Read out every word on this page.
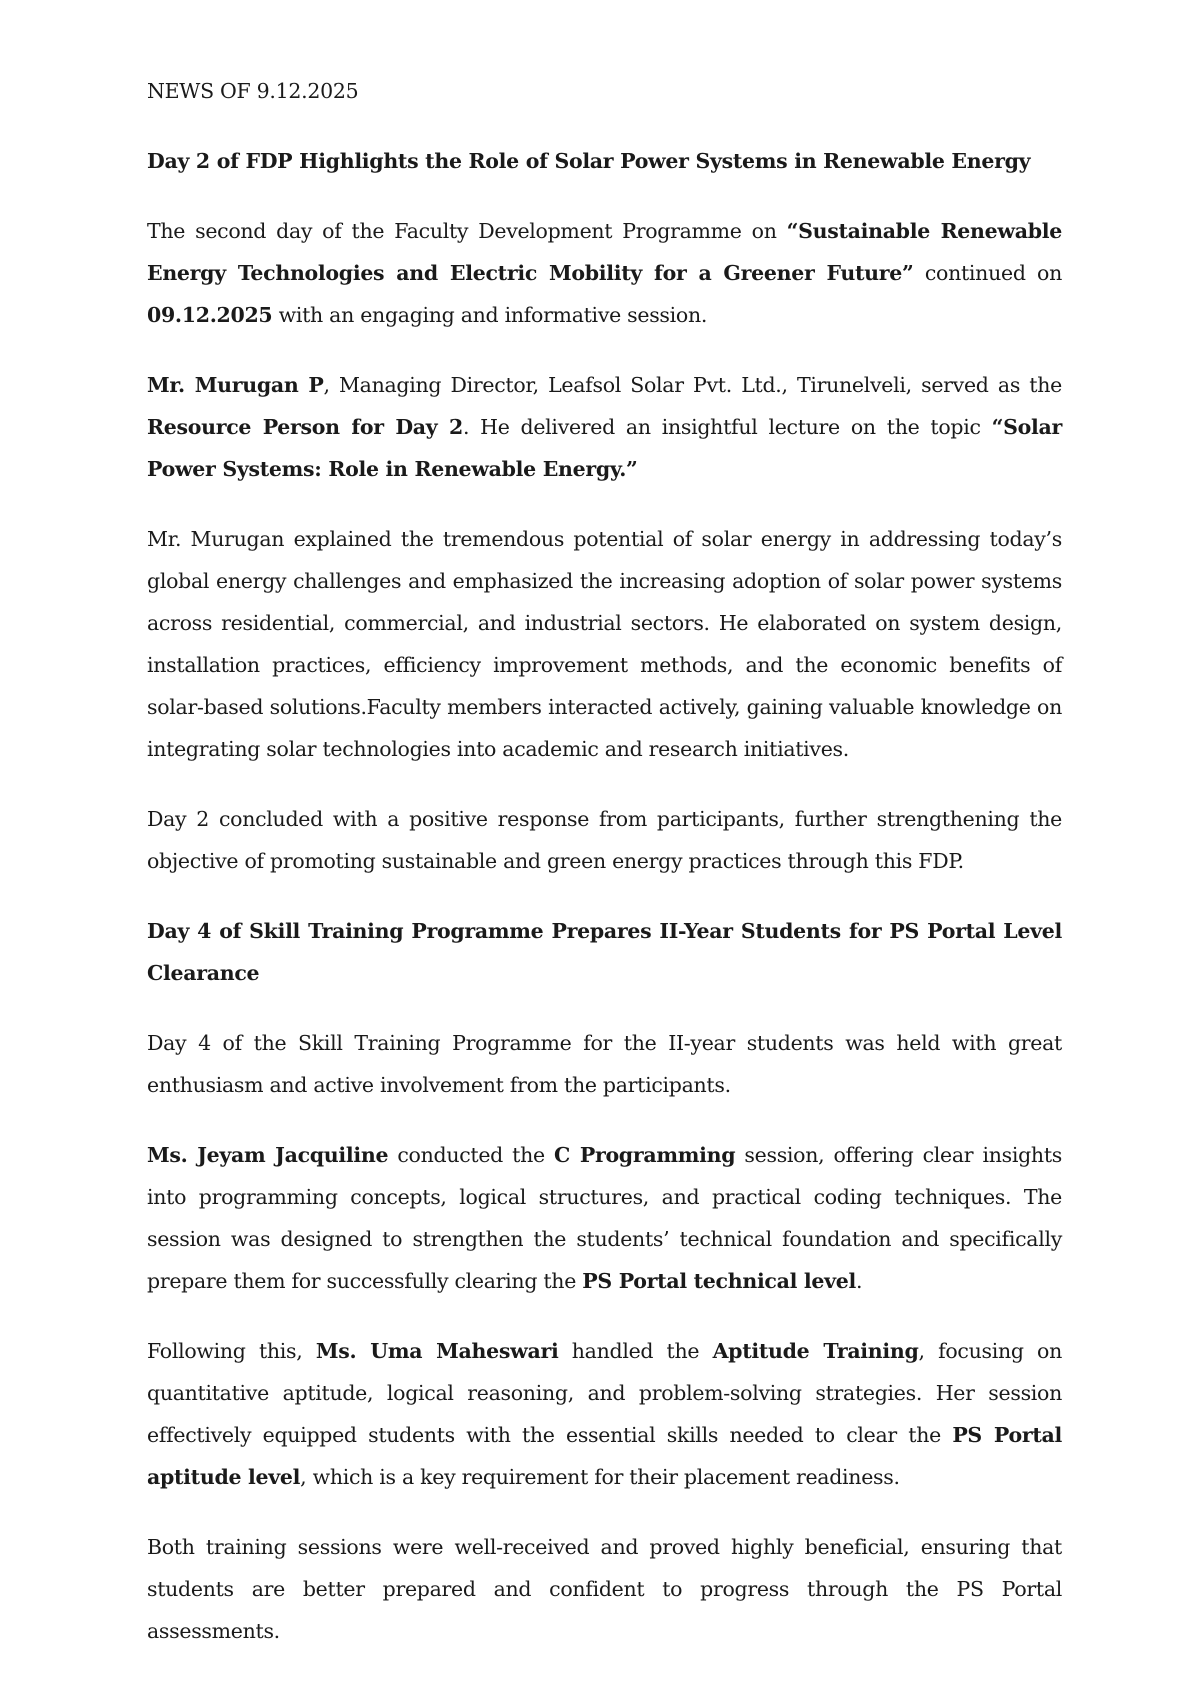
NEWS OF 9.12.2025

Day 2 of FDP Highlights the Role of Solar Power Systems in Renewable Energy

The second day of the Faculty Development Programme on “Sustainable Renewable Energy Technologies and Electric Mobility for a Greener Future” continued on 09.12.2025 with an engaging and informative session.

Mr. Murugan P, Managing Director, Leafsol Solar Pvt. Ltd., Tirunelveli, served as the Resource Person for Day 2. He delivered an insightful lecture on the topic “Solar Power Systems: Role in Renewable Energy.”

Mr. Murugan explained the tremendous potential of solar energy in addressing today’s global energy challenges and emphasized the increasing adoption of solar power systems across residential, commercial, and industrial sectors. He elaborated on system design, installation practices, efficiency improvement methods, and the economic benefits of solar-based solutions.Faculty members interacted actively, gaining valuable knowledge on integrating solar technologies into academic and research initiatives.

Day 2 concluded with a positive response from participants, further strengthening the objective of promoting sustainable and green energy practices through this FDP.

Day 4 of Skill Training Programme Prepares II-Year Students for PS Portal Level Clearance

Day 4 of the Skill Training Programme for the II-year students was held with great enthusiasm and active involvement from the participants.

Ms. Jeyam Jacquiline conducted the C Programming session, offering clear insights into programming concepts, logical structures, and practical coding techniques. The session was designed to strengthen the students’ technical foundation and specifically prepare them for successfully clearing the PS Portal technical level.

Following this, Ms. Uma Maheswari handled the Aptitude Training, focusing on quantitative aptitude, logical reasoning, and problem-solving strategies. Her session effectively equipped students with the essential skills needed to clear the PS Portal aptitude level, which is a key requirement for their placement readiness.

Both training sessions were well-received and proved highly beneficial, ensuring that students are better prepared and confident to progress through the PS Portal assessments.
